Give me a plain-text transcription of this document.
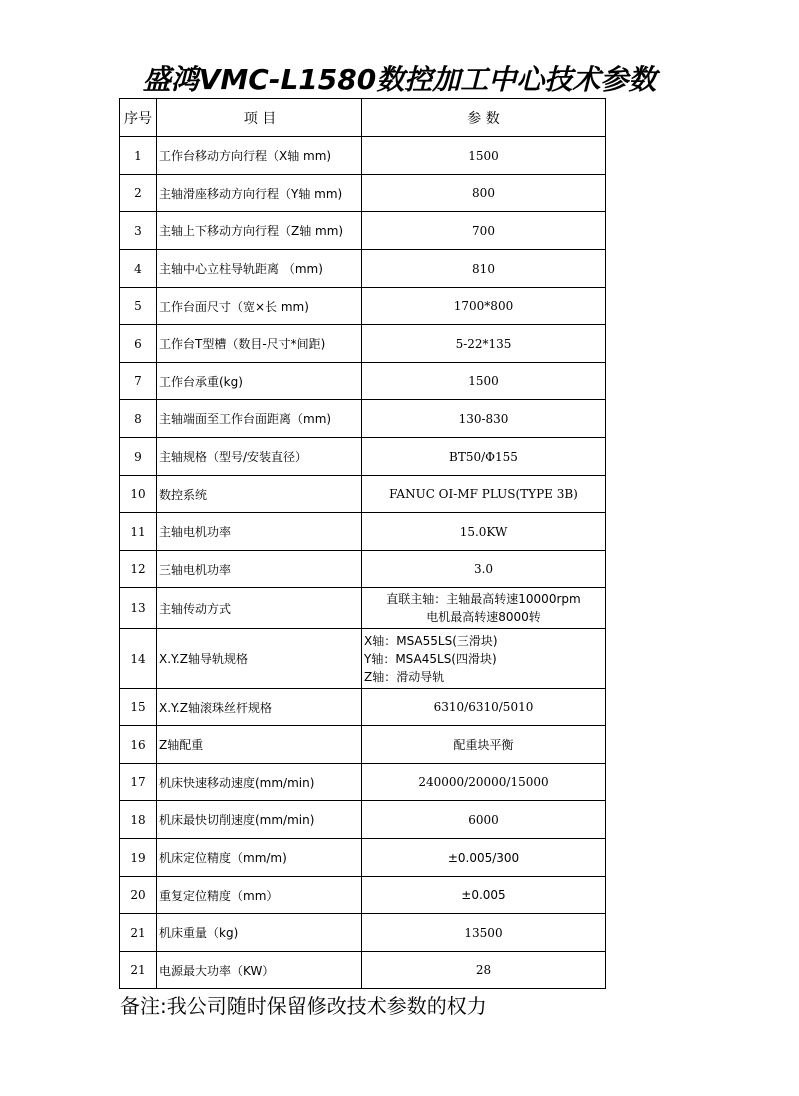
盛鸿VMC-L1580数控加工中心技术参数
序号	项 目	参 数
1	工作台移动方向行程（X轴 mm)	1500
2	主轴滑座移动方向行程（Y轴 mm)	800
3	主轴上下移动方向行程（Z轴 mm)	700
4	主轴中心立柱导轨距离 （mm)	810
5	工作台面尺寸（宽×长 mm)	1700*800
6	工作台T型槽（数目-尺寸*间距)	5-22*135
7	工作台承重(kg)	1500
8	主轴端面至工作台面距离（mm)	130-830
9	主轴规格（型号/安装直径）	BT50/Φ155
10	数控系统	FANUC OI-MF PLUS(TYPE 3B)
11	主轴电机功率	15.0KW
12	三轴电机功率	3.0
13	主轴传动方式	直联主轴：主轴最高转速10000rpm
电机最高转速8000转

14	X.Y.Z轴导轨规格	X轴：MSA55LS(三滑块)
Y轴：MSA45LS(四滑块)
Z轴：滑动导轨

15	X.Y.Z轴滚珠丝杆规格	6310/6310/5010
16	Z轴配重	配重块平衡
17	机床快速移动速度(mm/min)	240000/20000/15000
18	机床最快切削速度(mm/min)	6000
19	机床定位精度（mm/m)	±0.005/300
20	重复定位精度（mm）	±0.005
21	机床重量（kg)	13500
21	电源最大功率（KW）	28
备注:我公司随时保留修改技术参数的权力
